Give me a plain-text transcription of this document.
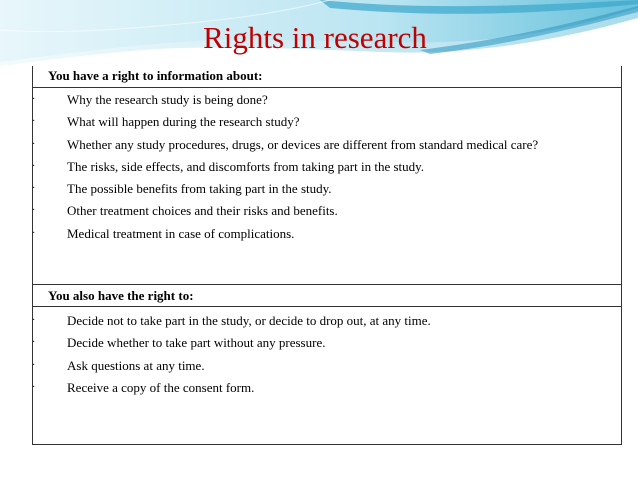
Rights in research
You have a right to information about:
· Why the research study is being done?
· What will happen during the research study?
· Whether any study procedures, drugs, or devices are different from standard medical care?
· The risks, side effects, and discomforts from taking part in the study.
· The possible benefits from taking part in the study.
· Other treatment choices and their risks and benefits.
· Medical treatment in case of complications.
You also have the right to:
· Decide not to take part in the study, or decide to drop out, at any time.
· Decide whether to take part without any pressure.
· Ask questions at any time.
· Receive a copy of the consent form.
